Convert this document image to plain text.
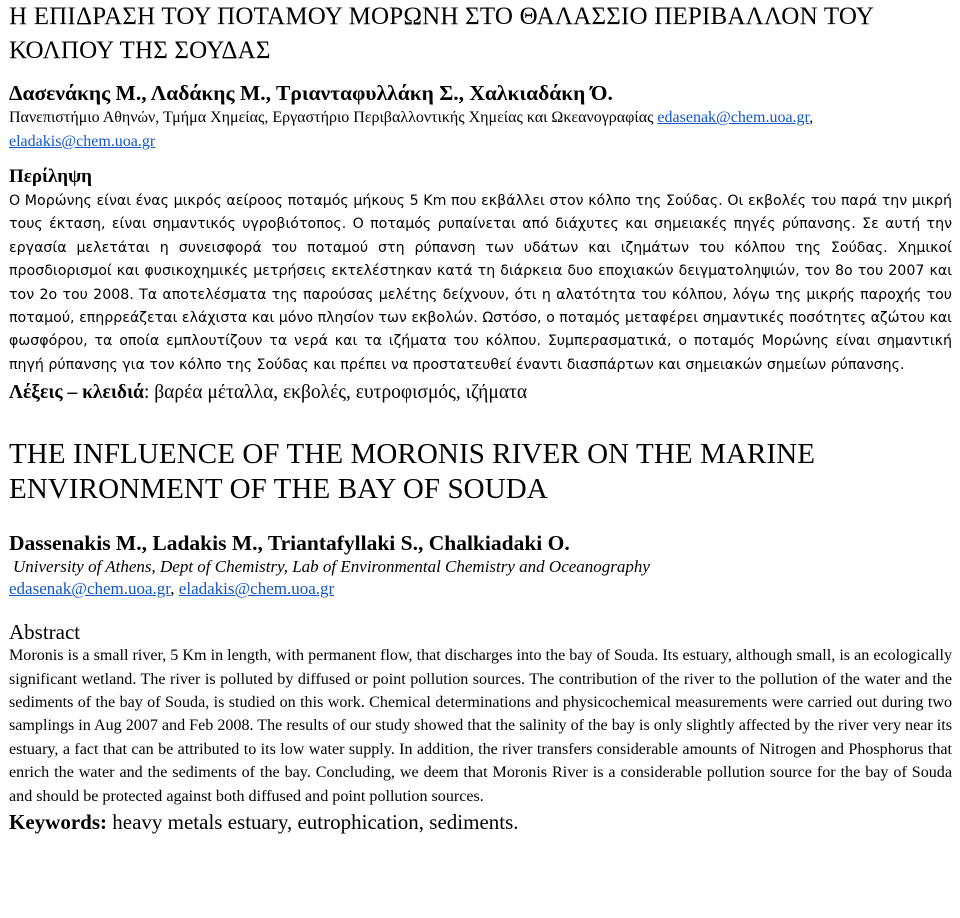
Η ΕΠΙΔΡΑΣΗ ΤΟΥ ΠΟΤΑΜΟΥ ΜΟΡΩΝΗ ΣΤΟ ΘΑΛΑΣΣΙΟ ΠΕΡΙΒΑΛΛΟΝ ΤΟΥ ΚΟΛΠΟΥ ΤΗΣ ΣΟΥΔΑΣ

Δασενάκης Μ., Λαδάκης Μ., Τριανταφυλλάκη Σ., Χαλκιαδάκη Ό.

Πανεπιστήμιο Αθηνών, Τμήμα Χημείας, Εργαστήριο Περιβαλλοντικής Χημείας και Ωκεανογραφίας edasenak@chem.uoa.gr, eladakis@chem.uoa.gr

Περίληψη

Ο Μορώνης είναι ένας μικρός αείροος ποταμός μήκους 5 Km που εκβάλλει στον κόλπο της Σούδας. Οι εκβολές του παρά την μικρή τους έκταση, είναι σημαντικός υγροβιότοπος. Ο ποταμός ρυπαίνεται από διάχυτες και σημειακές πηγές ρύπανσης. Σε αυτή την εργασία μελετάται η συνεισφορά του ποταμού στη ρύπανση των υδάτων και ιζημάτων του κόλπου της Σούδας. Χημικοί προσδιορισμοί και φυσικοχημικές μετρήσεις εκτελέστηκαν κατά τη διάρκεια δυο εποχιακών δειγματοληψιών, τον 8ο του 2007 και τον 2ο του 2008. Τα αποτελέσματα της παρούσας μελέτης δείχνουν, ότι η αλατότητα του κόλπου, λόγω της μικρής παροχής του ποταμού, επηρρεάζεται ελάχιστα και μόνο πλησίον των εκβολών. Ωστόσο, ο ποταμός μεταφέρει σημαντικές ποσότητες αζώτου και φωσφόρου, τα οποία εμπλουτίζουν τα νερά και τα ιζήματα του κόλπου. Συμπερασματικά, ο ποταμός Μορώνης είναι σημαντική πηγή ρύπανσης για τον κόλπο της Σούδας και πρέπει να προστατευθεί έναντι διασπάρτων και σημειακών σημείων ρύπανσης.

Λέξεις – κλειδιά: βαρέα μέταλλα, εκβολές, ευτροφισμός, ιζήματα

THE INFLUENCE OF THE MORONIS RIVER ON THE MARINE ENVIRONMENT OF THE BAY OF SOUDA

Dassenakis M., Ladakis M., Triantafyllaki S., Chalkiadaki O.

University of Athens, Dept of Chemistry, Lab of Environmental Chemistry and Oceanography

edasenak@chem.uoa.gr, eladakis@chem.uoa.gr

Abstract

Moronis is a small river, 5 Km in length, with permanent flow, that discharges into the bay of Souda. Its estuary, although small, is an ecologically significant wetland. The river is polluted by diffused or point pollution sources. The contribution of the river to the pollution of the water and the sediments of the bay of Souda, is studied on this work. Chemical determinations and physicochemical measurements were carried out during two samplings in Aug 2007 and Feb 2008. The results of our study showed that the salinity of the bay is only slightly affected by the river very near its estuary, a fact that can be attributed to its low water supply. In addition, the river transfers considerable amounts of Nitrogen and Phosphorus that enrich the water and the sediments of the bay. Concluding, we deem that Moronis River is a considerable pollution source for the bay of Souda and should be protected against both diffused and point pollution sources.

Keywords: heavy metals estuary, eutrophication, sediments.
